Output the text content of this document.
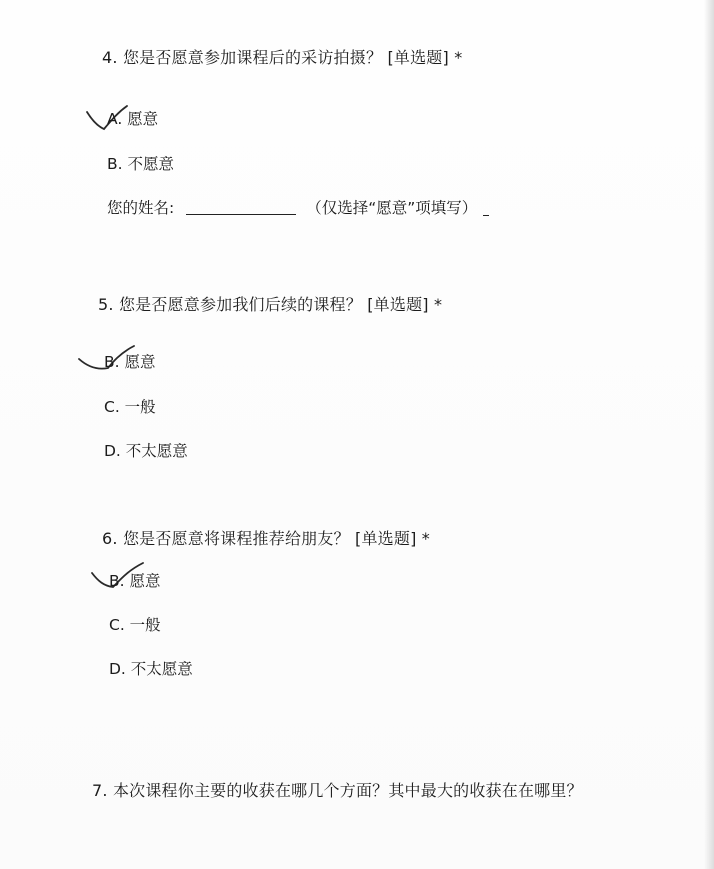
4. 您是否愿意参加课程后的采访拍摄？ [单选题] *
A. 愿意
B. 不愿意
您的姓名:	（仅选择“愿意”项填写）
5. 您是否愿意参加我们后续的课程？ [单选题] *
B. 愿意
C. 一般
D. 不太愿意
6. 您是否愿意将课程推荐给朋友？ [单选题] *
B. 愿意
C. 一般
D. 不太愿意
7. 本次课程你主要的收获在哪几个方面？其中最大的收获在在哪里？
